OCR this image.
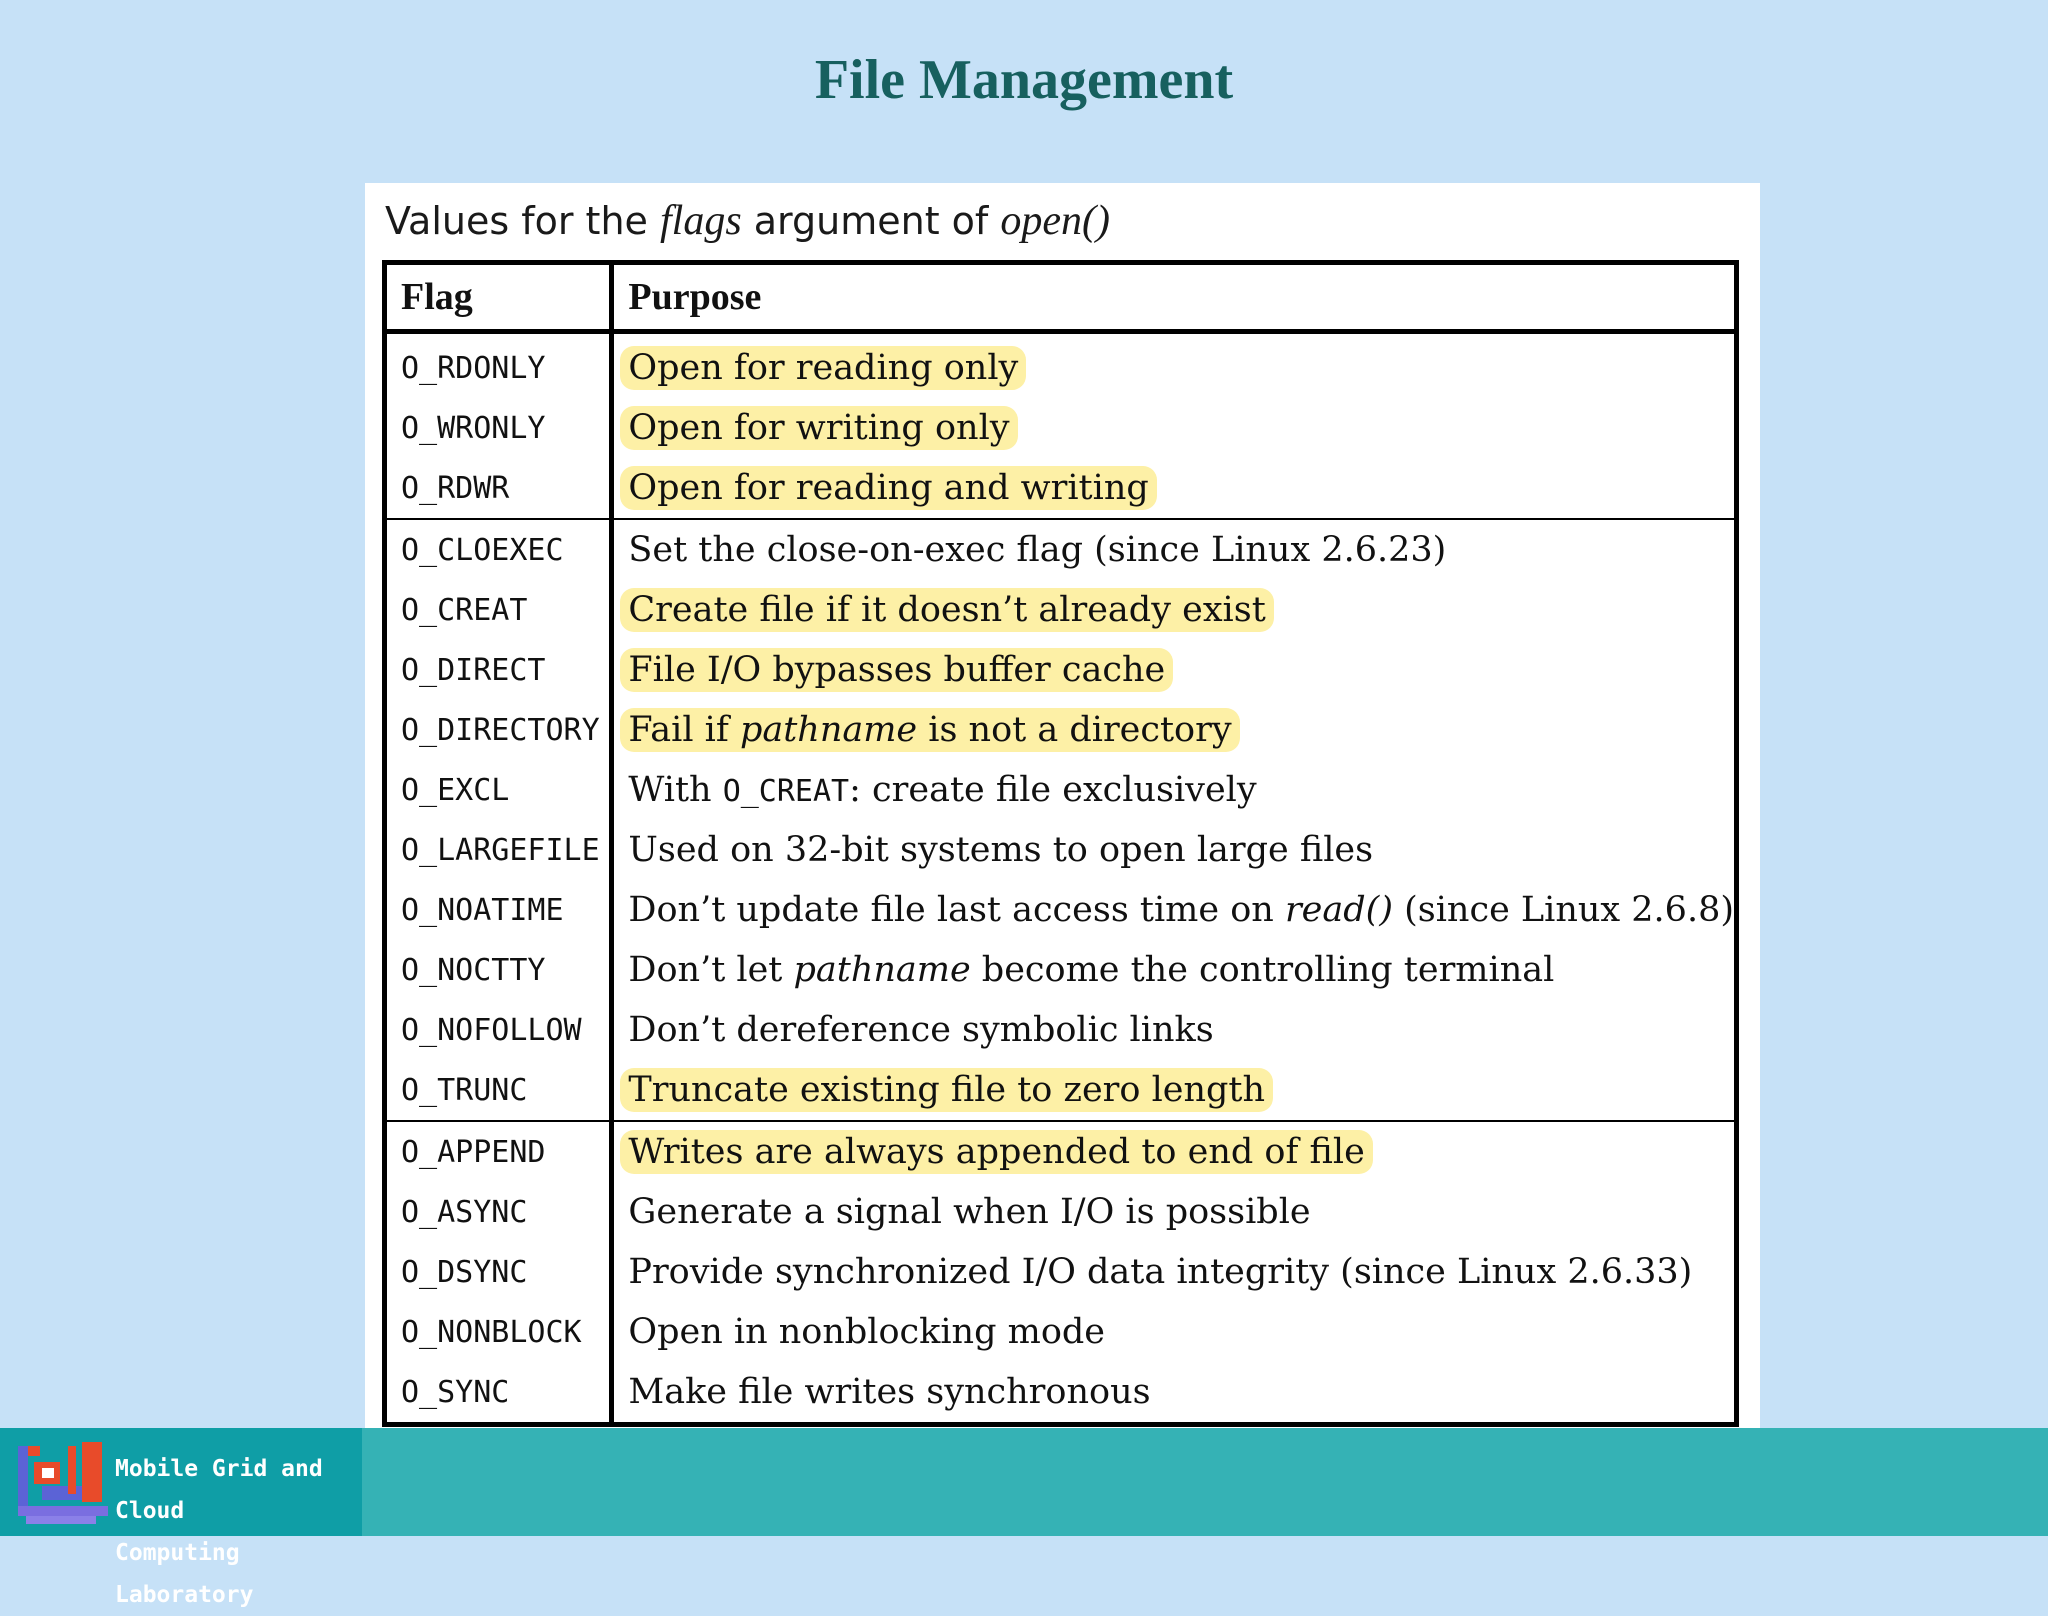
File Management
Values for the flags argument of open()
Flag	Purpose
O_RDONLY	Open for reading only
O_WRONLY	Open for writing only
O_RDWR	Open for reading and writing
O_CLOEXEC	Set the close-on-exec flag (since Linux 2.6.23)
O_CREAT	Create file if it doesn’t already exist
O_DIRECT	File I/O bypasses buffer cache
O_DIRECTORY	Fail if pathname is not a directory
O_EXCL	With O_CREAT: create file exclusively
O_LARGEFILE	Used on 32-bit systems to open large files
O_NOATIME	Don’t update file last access time on read() (since Linux 2.6.8)
O_NOCTTY	Don’t let pathname become the controlling terminal
O_NOFOLLOW	Don’t dereference symbolic links
O_TRUNC	Truncate existing file to zero length
O_APPEND	Writes are always appended to end of file
O_ASYNC	Generate a signal when I/O is possible
O_DSYNC	Provide synchronized I/O data integrity (since Linux 2.6.33)
O_NONBLOCK	Open in nonblocking mode
O_SYNC	Make file writes synchronous
Mobile Grid and Cloud
Computing Laboratory
